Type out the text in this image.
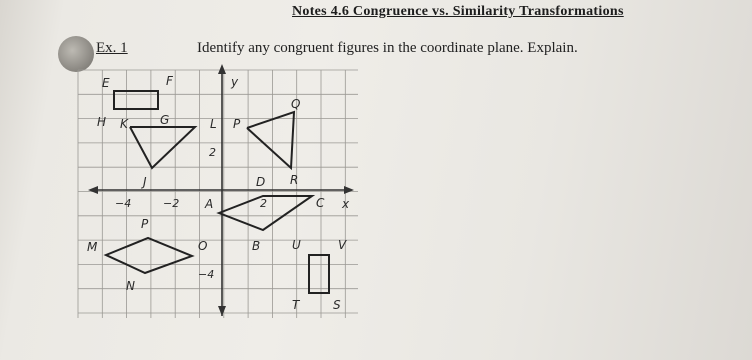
Notes 4.6 Congruence vs. Similarity Transformations
Ex. 1	Identify any congruent figures in the coordinate plane. Explain.
y
x
−4	−2	2
2
−4
E	F
H K	G
Q
L P
J	D R
A	C
P
M	O
N
B	U	V
T	S
